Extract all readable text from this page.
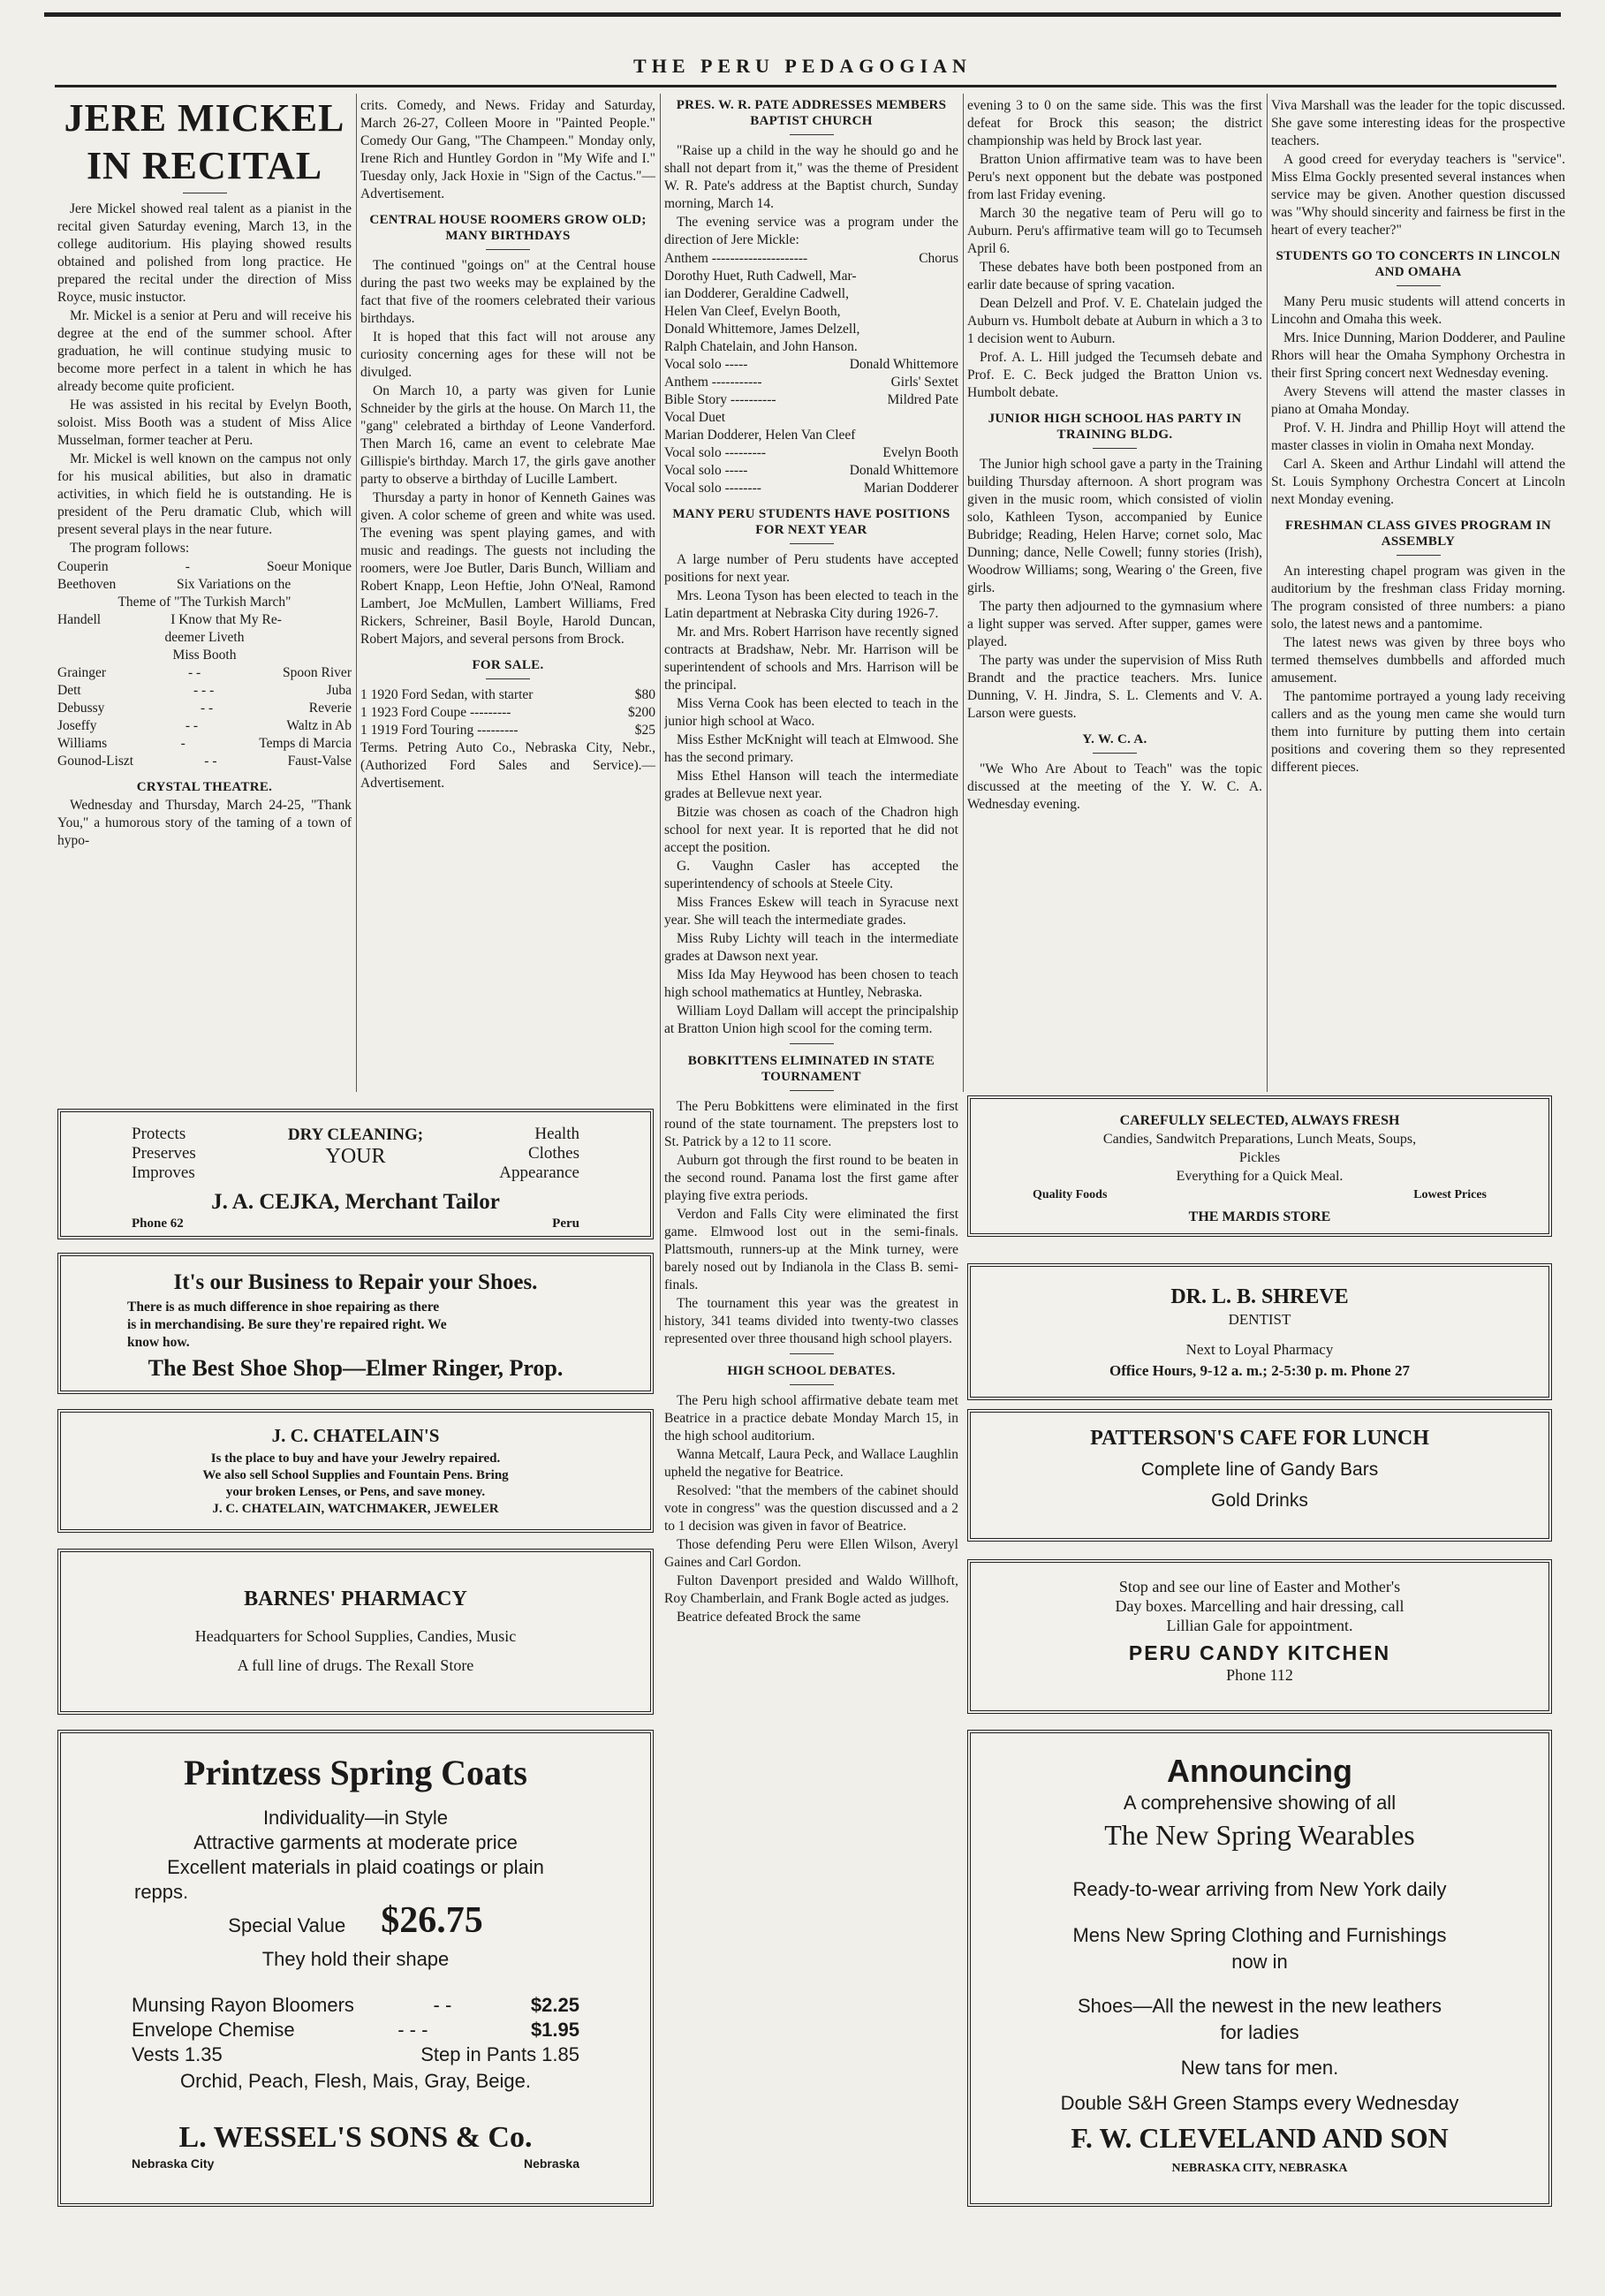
THE PERU PEDAGOGIAN
JERE MICKEL
IN RECITAL

Jere Mickel showed real talent as a pianist in the recital given Saturday evening, March 13, in the college auditorium. His playing showed results obtained and polished from long practice. He prepared the recital under the direction of Miss Royce, music instuctor.

Mr. Mickel is a senior at Peru and will receive his degree at the end of the summer school. After graduation, he will continue studying music to become more perfect in a talent in which he has already become quite proficient.

He was assisted in his recital by Evelyn Booth, soloist. Miss Booth was a student of Miss Alice Musselman, former teacher at Peru.

Mr. Mickel is well known on the campus not only for his musical abilities, but also in dramatic activities, in which field he is outstanding. He is president of the Peru dramatic Club, which will present several plays in the near future.

The program follows:

Couperin	-	Soeur Monique
Beethoven	Six Variations on the
Theme of "The Turkish March"
Handell	I Know that My Re-
deemer Liveth
Miss Booth
Grainger	- -	Spoon River
Dett	- - -	Juba
Debussy	- -	Reverie
Joseffy	- -	Waltz in Ab
Williams	-	Temps di Marcia
Gounod-Liszt	- -	Faust-Valse
CRYSTAL THEATRE.

Wednesday and Thursday, March 24-25, "Thank You," a humorous story of the taming of a town of hypo-

crits. Comedy, and News. Friday and Saturday, March 26-27, Colleen Moore in "Painted People." Comedy Our Gang, "The Champeen." Monday only, Irene Rich and Huntley Gordon in "My Wife and I." Tuesday only, Jack Hoxie in "Sign of the Cactus."—Advertisement.

CENTRAL HOUSE ROOMERS GROW OLD; MANY BIRTHDAYS

The continued "goings on" at the Central house during the past two weeks may be explained by the fact that five of the roomers celebrated their various birthdays.

It is hoped that this fact will not arouse any curiosity concerning ages for these will not be divulged.

On March 10, a party was given for Lunie Schneider by the girls at the house. On March 11, the "gang" celebrated a birthday of Leone Vanderford. Then March 16, came an event to celebrate Mae Gillispie's birthday. March 17, the girls gave another party to observe a birthday of Lucille Lambert.

Thursday a party in honor of Kenneth Gaines was given. A color scheme of green and white was used. The evening was spent playing games, and with music and readings. The guests not including the roomers, were Joe Butler, Daris Bunch, William and Robert Knapp, Leon Heftie, John O'Neal, Ramond Lambert, Joe McMullen, Lambert Williams, Fred Rickers, Schreiner, Basil Boyle, Harold Duncan, Robert Majors, and several persons from Brock.

FOR SALE.
1 1920 Ford Sedan, with starter	$80
1 1923 Ford Coupe ---------	$200
1 1919 Ford Touring ---------	$25

Terms. Petring Auto Co., Nebraska City, Nebr., (Authorized Ford Sales and Service).—Advertisement.

PRES. W. R. PATE ADDRESSES MEMBERS BAPTIST CHURCH

"Raise up a child in the way he should go and he shall not depart from it," was the theme of President W. R. Pate's address at the Baptist church, Sunday morning, March 14.

The evening service was a program under the direction of Jere Mickle:

Anthem ---------------------	Chorus
Dorothy Huet, Ruth Cadwell, Mar-
ian Dodderer, Geraldine Cadwell,
Helen Van Cleef, Evelyn Booth,
Donald Whittemore, James Delzell,
Ralph Chatelain, and John Hanson.
Vocal solo -----	Donald Whittemore
Anthem -----------	Girls' Sextet
Bible Story ----------	Mildred Pate
Vocal Duet
Marian Dodderer, Helen Van Cleef
Vocal solo ---------	Evelyn Booth
Vocal solo -----	Donald Whittemore
Vocal solo --------	Marian Dodderer
MANY PERU STUDENTS HAVE POSITIONS FOR NEXT YEAR

A large number of Peru students have accepted positions for next year.

Mrs. Leona Tyson has been elected to teach in the Latin department at Nebraska City during 1926-7.

Mr. and Mrs. Robert Harrison have recently signed contracts at Bradshaw, Nebr. Mr. Harrison will be superintendent of schools and Mrs. Harrison will be the principal.

Miss Verna Cook has been elected to teach in the junior high school at Waco.

Miss Esther McKnight will teach at Elmwood. She has the second primary.

Miss Ethel Hanson will teach the intermediate grades at Bellevue next year.

Bitzie was chosen as coach of the Chadron high school for next year. It is reported that he did not accept the position.

G. Vaughn Casler has accepted the superintendency of schools at Steele City.

Miss Frances Eskew will teach in Syracuse next year. She will teach the intermediate grades.

Miss Ruby Lichty will teach in the intermediate grades at Dawson next year.

Miss Ida May Heywood has been chosen to teach high school mathematics at Huntley, Nebraska.

William Loyd Dallam will accept the principalship at Bratton Union high scool for the coming term.

BOBKITTENS ELIMINATED IN STATE TOURNAMENT

The Peru Bobkittens were eliminated in the first round of the state tournament. The prepsters lost to St. Patrick by a 12 to 11 score.

Auburn got through the first round to be beaten in the second round. Panama lost the first game after playing five extra periods.

Verdon and Falls City were eliminated the first game. Elmwood lost out in the semi-finals. Plattsmouth, runners-up at the Mink turney, were barely nosed out by Indianola in the Class B. semi-finals.

The tournament this year was the greatest in history, 341 teams divided into twenty-two classes represented over three thousand high school players.

HIGH SCHOOL DEBATES.

The Peru high school affirmative debate team met Beatrice in a practice debate Monday March 15, in the high school auditorium.

Wanna Metcalf, Laura Peck, and Wallace Laughlin upheld the negative for Beatrice.

Resolved: "that the members of the cabinet should vote in congress" was the question discussed and a 2 to 1 decision was given in favor of Beatrice.

Those defending Peru were Ellen Wilson, Averyl Gaines and Carl Gordon.

Fulton Davenport presided and Waldo Willhoft, Roy Chamberlain, and Frank Bogle acted as judges.

Beatrice defeated Brock the same

evening 3 to 0 on the same side. This was the first defeat for Brock this season; the district championship was held by Brock last year.

Bratton Union affirmative team was to have been Peru's next opponent but the debate was postponed from last Friday evening.

March 30 the negative team of Peru will go to Auburn. Peru's affirmative team will go to Tecumseh April 6.

These debates have both been postponed from an earlir date because of spring vacation.

Dean Delzell and Prof. V. E. Chatelain judged the Auburn vs. Humbolt debate at Auburn in which a 3 to 1 decision went to Auburn.

Prof. A. L. Hill judged the Tecumseh debate and Prof. E. C. Beck judged the Bratton Union vs. Humbolt debate.

JUNIOR HIGH SCHOOL HAS PARTY IN TRAINING BLDG.

The Junior high school gave a party in the Training building Thursday afternoon. A short program was given in the music room, which consisted of violin solo, Kathleen Tyson, accompanied by Eunice Bubridge; Reading, Helen Harve; cornet solo, Mac Dunning; dance, Nelle Cowell; funny stories (Irish), Woodrow Williams; song, Wearing o' the Green, five girls.

The party then adjourned to the gymnasium where a light supper was served. After supper, games were played.

The party was under the supervision of Miss Ruth Brandt and the practice teachers. Mrs. Iunice Dunning, V. H. Jindra, S. L. Clements and V. A. Larson were guests.

Y. W. C. A.

"We Who Are About to Teach" was the topic discussed at the meeting of the Y. W. C. A. Wednesday evening.

Viva Marshall was the leader for the topic discussed. She gave some interesting ideas for the prospective teachers.

A good creed for everyday teachers is "service". Miss Elma Gockly presented several instances when service may be given. Another question discussed was "Why should sincerity and fairness be first in the heart of every teacher?"

STUDENTS GO TO CONCERTS IN LINCOLN AND OMAHA

Many Peru music students will attend concerts in Lincohn and Omaha this week.

Mrs. Inice Dunning, Marion Dodderer, and Pauline Rhors will hear the Omaha Symphony Orchestra in their first Spring concert next Wednesday evening.

Avery Stevens will attend the master classes in piano at Omaha Monday.

Prof. V. H. Jindra and Phillip Hoyt will attend the master classes in violin in Omaha next Monday.

Carl A. Skeen and Arthur Lindahl will attend the St. Louis Symphony Orchestra Concert at Lincoln next Monday evening.

FRESHMAN CLASS GIVES PROGRAM IN ASSEMBLY

An interesting chapel program was given in the auditorium by the freshman class Friday morning. The program consisted of three numbers: a piano solo, the latest news and a pantomime.

The latest news was given by three boys who termed themselves dumbbells and afforded much amusement.

The pantomime portrayed a young lady receiving callers and as the young men came she would turn them into furniture by putting them into certain positions and covering them so they represented different pieces.

Protects
Preserves
Improves
DRY CLEANING;
YOUR
Health
Clothes
Appearance
J. A. CEJKA, Merchant Tailor
Phone 62	Peru
It's our Business to Repair your Shoes.
There is as much difference in shoe repairing as there
is in merchandising. Be sure they're repaired right. We
know how.
The Best Shoe Shop—Elmer Ringer, Prop.
J. C. CHATELAIN'S
Is the place to buy and have your Jewelry repaired.
We also sell School Supplies and Fountain Pens. Bring
your broken Lenses, or Pens, and save money.
J. C. CHATELAIN, WATCHMAKER, JEWELER
BARNES' PHARMACY
Headquarters for School Supplies, Candies, Music
A full line of drugs. The Rexall Store
Printzess Spring Coats
Individuality—in Style
Attractive garments at moderate price
Excellent materials in plaid coatings or plain
repps.
Special Value $26.75
They hold their shape
Munsing Rayon Bloomers	- -	$2.25
Envelope Chemise	- - -	$1.95
Vests 1.35	Step in Pants 1.85
Orchid, Peach, Flesh, Mais, Gray, Beige.
L. WESSEL'S SONS & Co.
Nebraska City	Nebraska
CAREFULLY SELECTED, ALWAYS FRESH
Candies, Sandwitch Preparations, Lunch Meats, Soups,
Pickles
Everything for a Quick Meal.
Quality Foods	Lowest Prices
THE MARDIS STORE
DR. L. B. SHREVE
DENTIST
Next to Loyal Pharmacy
Office Hours, 9-12 a. m.; 2-5:30 p. m. Phone 27
PATTERSON'S CAFE FOR LUNCH
Complete line of Gandy Bars
Gold Drinks
Stop and see our line of Easter and Mother's
Day boxes. Marcelling and hair dressing, call
Lillian Gale for appointment.
PERU CANDY KITCHEN
Phone 112
Announcing
A comprehensive showing of all
The New Spring Wearables
Ready-to-wear arriving from New York daily
Mens New Spring Clothing and Furnishings
now in
Shoes—All the newest in the new leathers
for ladies
New tans for men.
Double S&H Green Stamps every Wednesday
F. W. CLEVELAND AND SON
NEBRASKA CITY, NEBRASKA
